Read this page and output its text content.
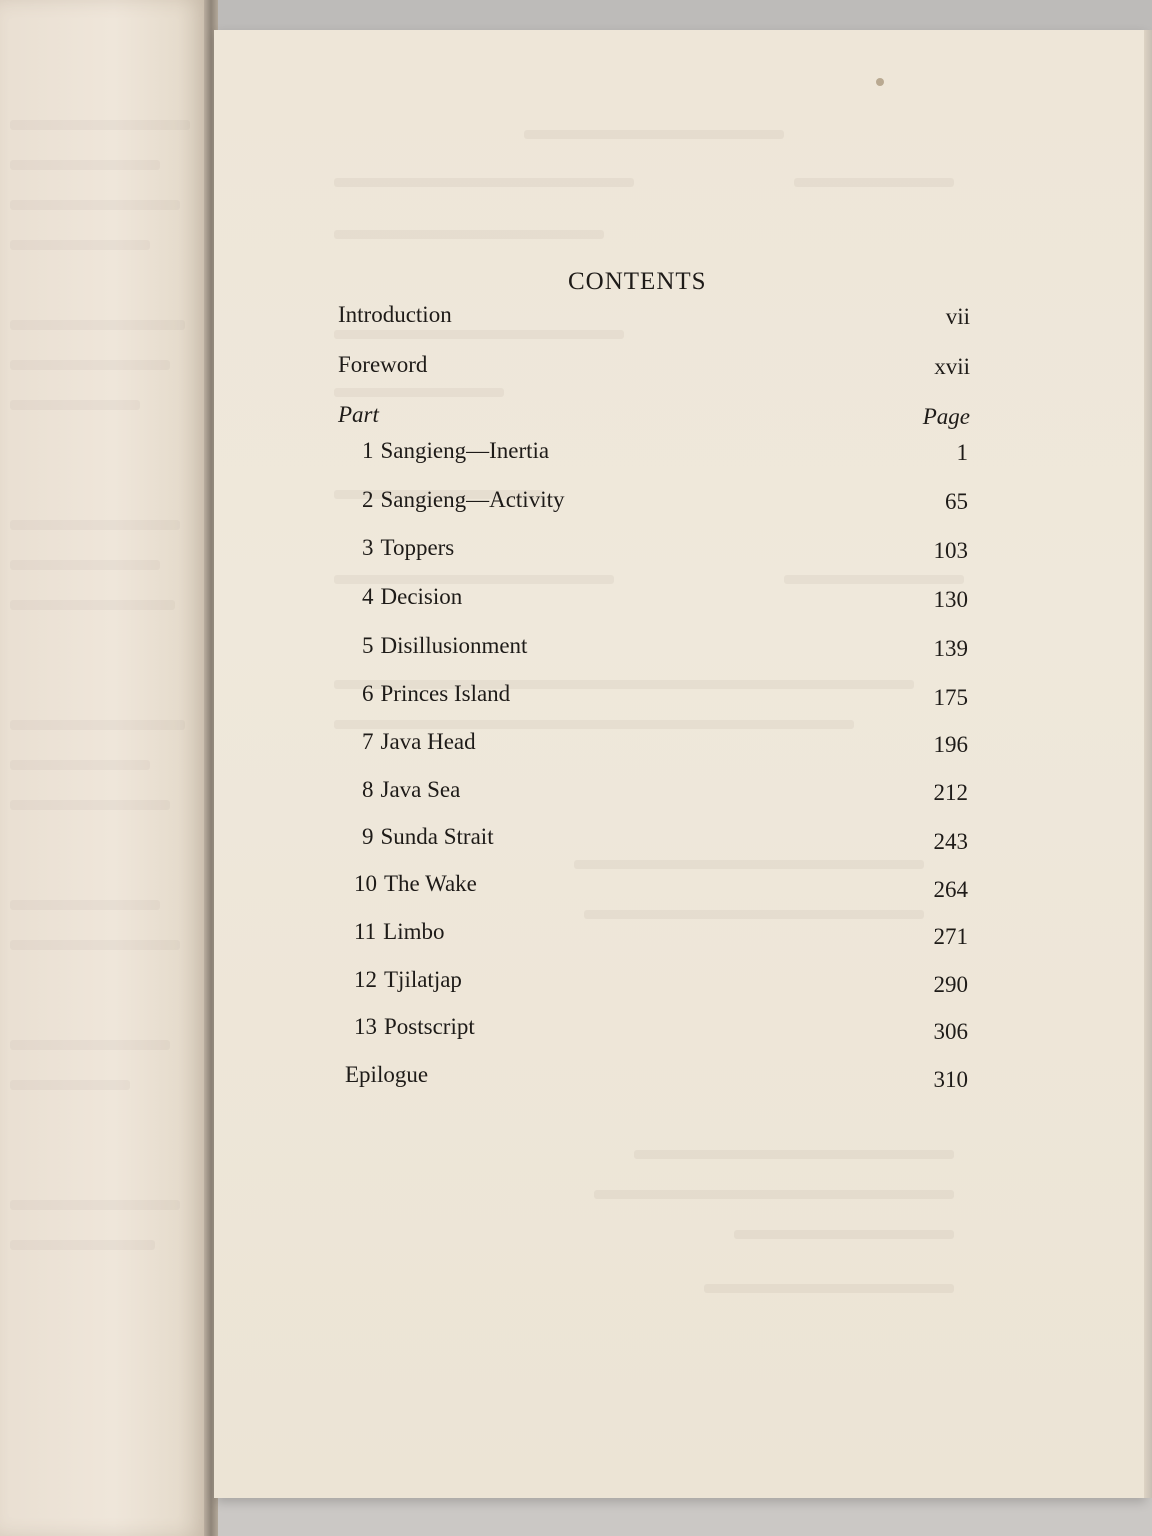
CONTENTS
Introduction	vii
Foreword	xvii
Part	Page
1 Sangieng—Inertia	1
2 Sangieng—Activity	65
3 Toppers	103
4 Decision	130
5 Disillusionment	139
6 Princes Island	175
7 Java Head	196
8 Java Sea	212
9 Sunda Strait	243
10 The Wake	264
11 Limbo	271
12 Tjilatjap	290
13 Postscript	306
Epilogue	310
